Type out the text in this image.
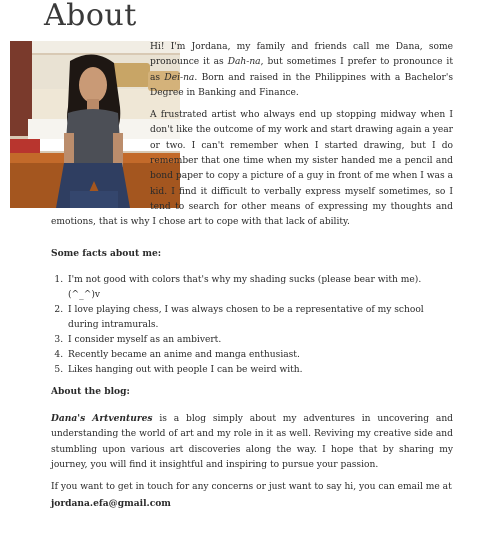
About

Hi! I'm Jordana, my family and friends call me Dana, some pronounce it as Dah-na, but sometimes I prefer to pronounce it as Dei-na. Born and raised in the Philippines with a Bachelor's Degree in Banking and Finance.

A frustrated artist who always end up stopping midway when I don't like the outcome of my work and start drawing again a year or two. I can't remember when I started drawing, but I do remember that one time when my sister handed me a pencil and bond paper to copy a picture of a guy in front of me when I was a kid. I find it difficult to verbally express myself sometimes, so I tend to search for other means of expressing my thoughts and emotions, that is why I chose art to cope with that lack of ability.

Some facts about me:
1. I'm not good with colors that's why my shading sucks (please bear with me). (^_^)v
2. I love playing chess, I was always chosen to be a representative of my school during intramurals.
3. I consider myself as an ambivert.
4. Recently became an anime and manga enthusiast.
5. Likes hanging out with people I can be weird with.
About the blog:

Dana's Artventures is a blog simply about my adventures in uncovering and understanding the world of art and my role in it as well. Reviving my creative side and stumbling upon various art discoveries along the way. I hope that by sharing my journey, you will find it insightful and inspiring to pursue your passion.

If you want to get in touch for any concerns or just want to say hi, you can email me at
jordana.efa@gmail.com
